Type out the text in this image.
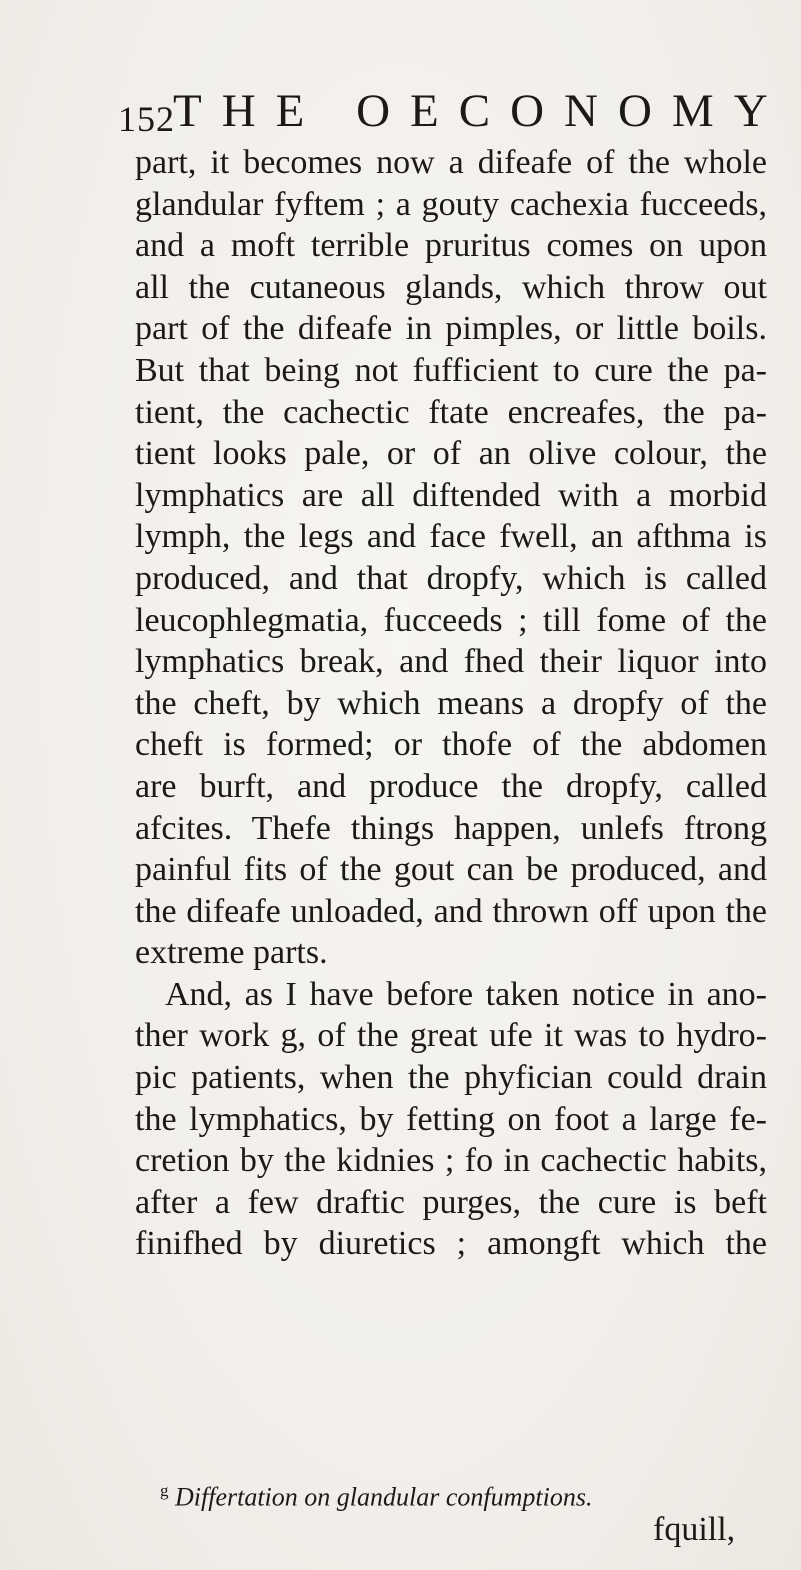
152
THE OECONOMY
part, it becomes now a difeafe of the whole
glandular fyftem ; a gouty cachexia fucceeds,
and a moft terrible pruritus comes on upon
all the cutaneous glands, which throw out
part of the difeafe in pimples, or little boils.
But that being not fufficient to cure the pa-
tient, the cachectic ftate encreafes, the pa-
tient looks pale, or of an olive colour, the
lymphatics are all diftended with a morbid
lymph, the legs and face fwell, an afthma is
produced, and that dropfy, which is called
leucophlegmatia, fucceeds ; till fome of the
lymphatics break, and fhed their liquor into
the cheft, by which means a dropfy of the
cheft is formed; or thofe of the abdomen
are burft, and produce the dropfy, called
afcites. Thefe things happen, unlefs ftrong
painful fits of the gout can be produced, and
the difeafe unloaded, and thrown off upon the
extreme parts.
And, as I have before taken notice in ano-
ther work g, of the great ufe it was to hydro-
pic patients, when the phyfician could drain
the lymphatics, by fetting on foot a large fe-
cretion by the kidnies ; fo in cachectic habits,
after a few draftic purges, the cure is beft
finifhed by diuretics ; amongft which the
$^g$ Differtation on glandular confumptions.
fquill,
